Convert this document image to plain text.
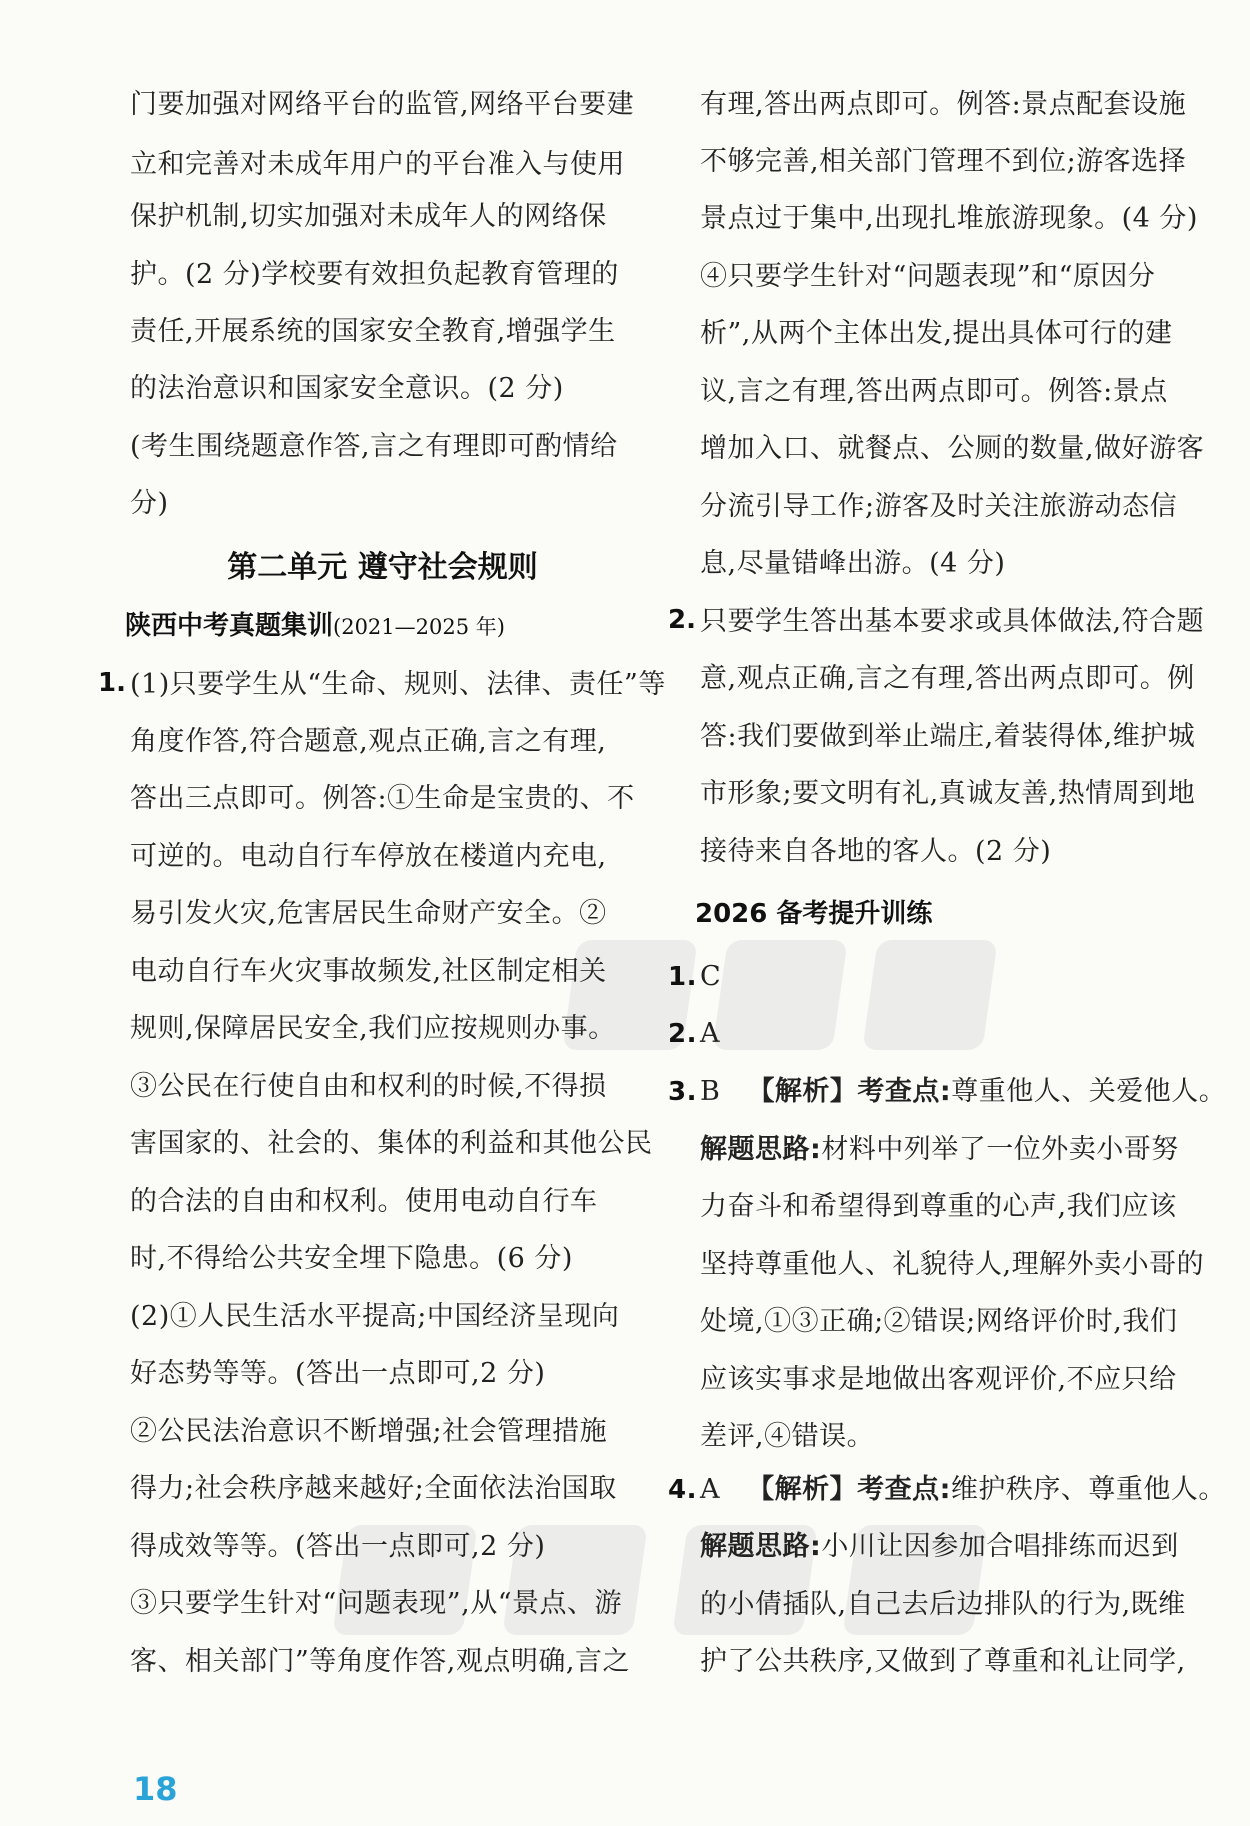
门要加强对网络平台的监管,网络平台要建
立和完善对未成年用户的平台准入与使用
保护机制,切实加强对未成年人的网络保
护。(2 分)学校要有效担负起教育管理的
责任,开展系统的国家安全教育,增强学生
的法治意识和国家安全意识。(2 分)
(考生围绕题意作答,言之有理即可酌情给
分)
第二单元 遵守社会规则
陕西中考真题集训(2021—2025 年)
1. (1)只要学生从“生命、规则、法律、责任”等
角度作答,符合题意,观点正确,言之有理,
答出三点即可。例答:①生命是宝贵的、不
可逆的。电动自行车停放在楼道内充电,
易引发火灾,危害居民生命财产安全。②
电动自行车火灾事故频发,社区制定相关
规则,保障居民安全,我们应按规则办事。
③公民在行使自由和权利的时候,不得损
害国家的、社会的、集体的利益和其他公民
的合法的自由和权利。使用电动自行车
时,不得给公共安全埋下隐患。(6 分)
(2)①人民生活水平提高;中国经济呈现向
好态势等等。(答出一点即可,2 分)
②公民法治意识不断增强;社会管理措施
得力;社会秩序越来越好;全面依法治国取
得成效等等。(答出一点即可,2 分)
③只要学生针对“问题表现”,从“景点、游
客、相关部门”等角度作答,观点明确,言之
有理,答出两点即可。例答:景点配套设施
不够完善,相关部门管理不到位;游客选择
景点过于集中,出现扎堆旅游现象。(4 分)
④只要学生针对“问题表现”和“原因分
析”,从两个主体出发,提出具体可行的建
议,言之有理,答出两点即可。例答:景点
增加入口、就餐点、公厕的数量,做好游客
分流引导工作;游客及时关注旅游动态信
息,尽量错峰出游。(4 分)
2. 只要学生答出基本要求或具体做法,符合题
意,观点正确,言之有理,答出两点即可。例
答:我们要做到举止端庄,着装得体,维护城
市形象;要文明有礼,真诚友善,热情周到地
接待来自各地的客人。(2 分)
2026 备考提升训练
1. C
2. A
3. B 【解析】考查点:尊重他人、关爱他人。
解题思路:材料中列举了一位外卖小哥努
力奋斗和希望得到尊重的心声,我们应该
坚持尊重他人、礼貌待人,理解外卖小哥的
处境,①③正确;②错误;网络评价时,我们
应该实事求是地做出客观评价,不应只给
差评,④错误。
4. A 【解析】考查点:维护秩序、尊重他人。
解题思路:小川让因参加合唱排练而迟到
的小倩插队,自己去后边排队的行为,既维
护了公共秩序,又做到了尊重和礼让同学,
18
